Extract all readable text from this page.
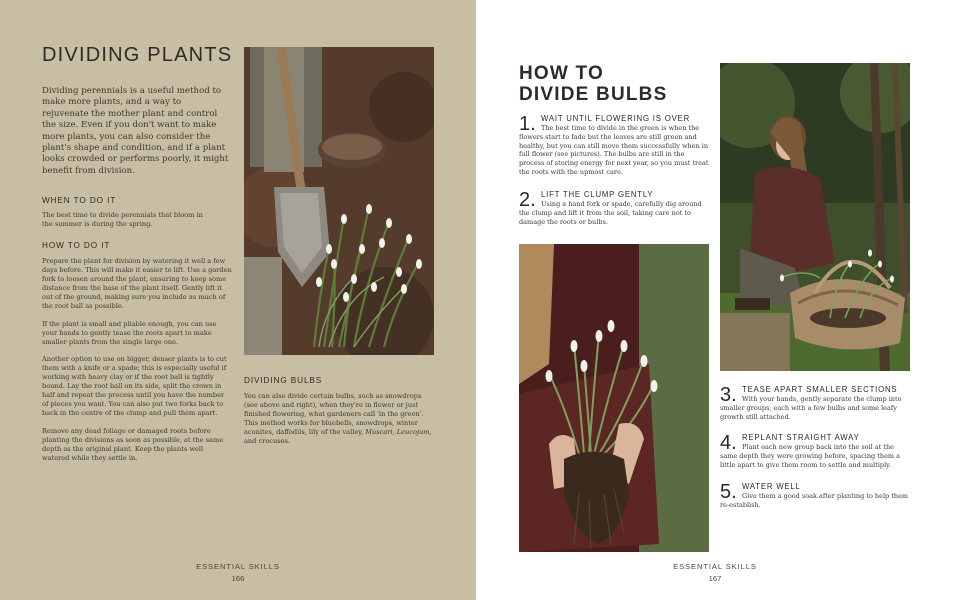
DIVIDING PLANTS

Dividing perennials is a useful method to make more plants, and a way to rejuvenate the mother plant and control the size. Even if you don't want to make more plants, you can also consider the plant's shape and condition, and if a plant looks crowded or performs poorly, it might benefit from division.

WHEN TO DO IT

The best time to divide perennials that bloom in the summer is during the spring.

HOW TO DO IT

Prepare the plant for division by watering it well a few days before. This will make it easier to lift. Use a garden fork to loosen around the plant, ensuring to keep some distance from the base of the plant itself. Gently lift it out of the ground, making sure you include as much of the root ball as possible.

If the plant is small and pliable enough, you can use your hands to gently tease the roots apart to make smaller plants from the single large one.

Another option to use on bigger, denser plants is to cut them with a knife or a spade; this is especially useful if working with heavy clay or if the root ball is tightly bound. Lay the root ball on its side, split the crown in half and repeat the process until you have the number of pieces you want. You can also put two forks back to back in the centre of the clump and pull them apart.

Remove any dead foliage or damaged roots before planting the divisions as soon as possible, at the same depth as the original plant. Keep the plants well watered while they settle in.

DIVIDING BULBS

You can also divide certain bulbs, such as snowdrops (see above and right), when they're in flower or just finished flowering, what gardeners call 'in the green'. This method works for bluebells, snowdrops, winter aconites, daffodils, lily of the valley, Muscari, Leucojum, and crocuses.

ESSENTIAL SKILLS
166
HOW TO
DIVIDE BULBS
1. WAIT UNTIL FLOWERING IS OVER
The best time to divide in the green is when the flowers start to fade but the leaves are still green and healthy, but you can still move them successfully when in full flower (see pictures). The bulbs are still in the process of storing energy for next year, so you must treat the roots with the upmost care.
2. LIFT THE CLUMP GENTLY
Using a hand fork or spade, carefully dig around the clump and lift it from the soil, taking care not to damage the roots or bulbs.
3. TEASE APART SMALLER SECTIONS
With your hands, gently separate the clump into smaller groups, each with a few bulbs and some leafy growth still attached.
4. REPLANT STRAIGHT AWAY
Plant each new group back into the soil at the same depth they were growing before, spacing them a little apart to give them room to settle and multiply.
5. WATER WELL
Give them a good soak after planting to help them re-establish.
ESSENTIAL SKILLS
167
